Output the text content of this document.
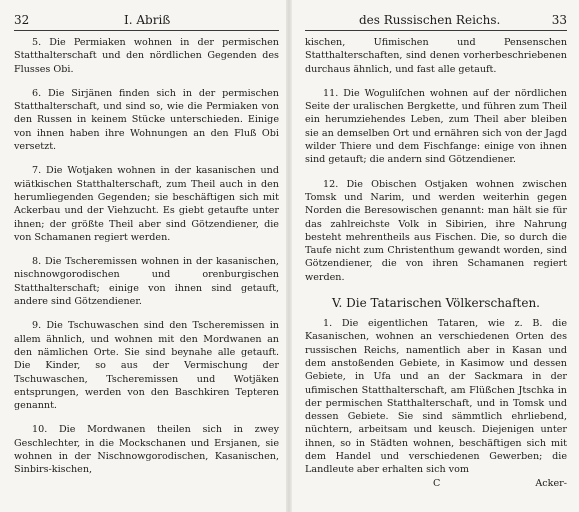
32	I. Abriß

5. Die Permiaken wohnen in der permischen Statthalterschaft und den nördlichen Gegenden des Flusses Obi.

6. Die Sirjänen finden sich in der permischen Statthalterschaft, und sind so, wie die Permiaken von den Russen in keinem Stücke unterschieden. Einige von ihnen haben ihre Wohnungen an den Fluß Obi versetzt.

7. Die Wotjaken wohnen in der kasanischen und wiätkischen Statthalterschaft, zum Theil auch in den herumliegenden Gegenden; sie beschäftigen sich mit Ackerbau und der Viehzucht. Es giebt getaufte unter ihnen; der größte Theil aber sind Götzendiener, die von Schamanen regiert werden.

8. Die Tscheremissen wohnen in der kasanischen, nischnowgorodischen und orenburgischen Statthalterschaft; einige von ihnen sind getauft, andere sind Götzendiener.

9. Die Tschuwaschen sind den Tscheremissen in allem ähnlich, und wohnen mit den Mordwanen an den nämlichen Orte. Sie sind beynahe alle getauft. Die Kinder, so aus der Vermischung der Tschuwaschen, Tscheremissen und Wotjäken entsprungen, werden von den Baschkiren Tepteren genannt.

10. Die Mordwanen theilen sich in zwey Geschlechter, in die Mockschanen und Ersjanen, sie wohnen in der Nischnowgorodischen, Kasanischen, Sinbirs-kischen,

des Russischen Reichs.	33

kischen, Ufimischen und Pensenschen Statthalterschaften, sind denen vorherbeschriebenen durchaus ähnlich, und fast alle getauft.

11. Die Woguliſchen wohnen auf der nördlichen Seite der uralischen Bergkette, und führen zum Theil ein herumziehendes Leben, zum Theil aber bleiben sie an demselben Ort und ernähren sich von der Jagd wilder Thiere und dem Fischfange: einige von ihnen sind getauft; die andern sind Götzendiener.

12. Die Obischen Ostjaken wohnen zwischen Tomsk und Narim, und werden weiterhin gegen Norden die Beresowischen genannt: man hält sie für das zahlreichste Volk in Sibirien, ihre Nahrung besteht mehrentheils aus Fischen. Die, so durch die Taufe nicht zum Christenthum gewandt worden, sind Götzendiener, die von ihren Schamanen regiert werden.

V. Die Tatarischen Völkerschaften.

1. Die eigentlichen Tataren, wie z. B. die Kasanischen, wohnen an verschiedenen Orten des russischen Reichs, namentlich aber in Kasan und dem anstoßenden Gebiete, in Kasimow und dessen Gebiete, in Ufa und an der Sackmara in der ufimischen Statthalterschaft, am Flüßchen Jtschka in der permischen Statthalterschaft, und in Tomsk und dessen Gebiete. Sie sind sämmtlich ehrliebend, nüchtern, arbeitsam und keusch. Diejenigen unter ihnen, so in Städten wohnen, beschäftigen sich mit dem Handel und verschiedenen Gewerben; die Landleute aber erhalten sich vom

C	Acker-
